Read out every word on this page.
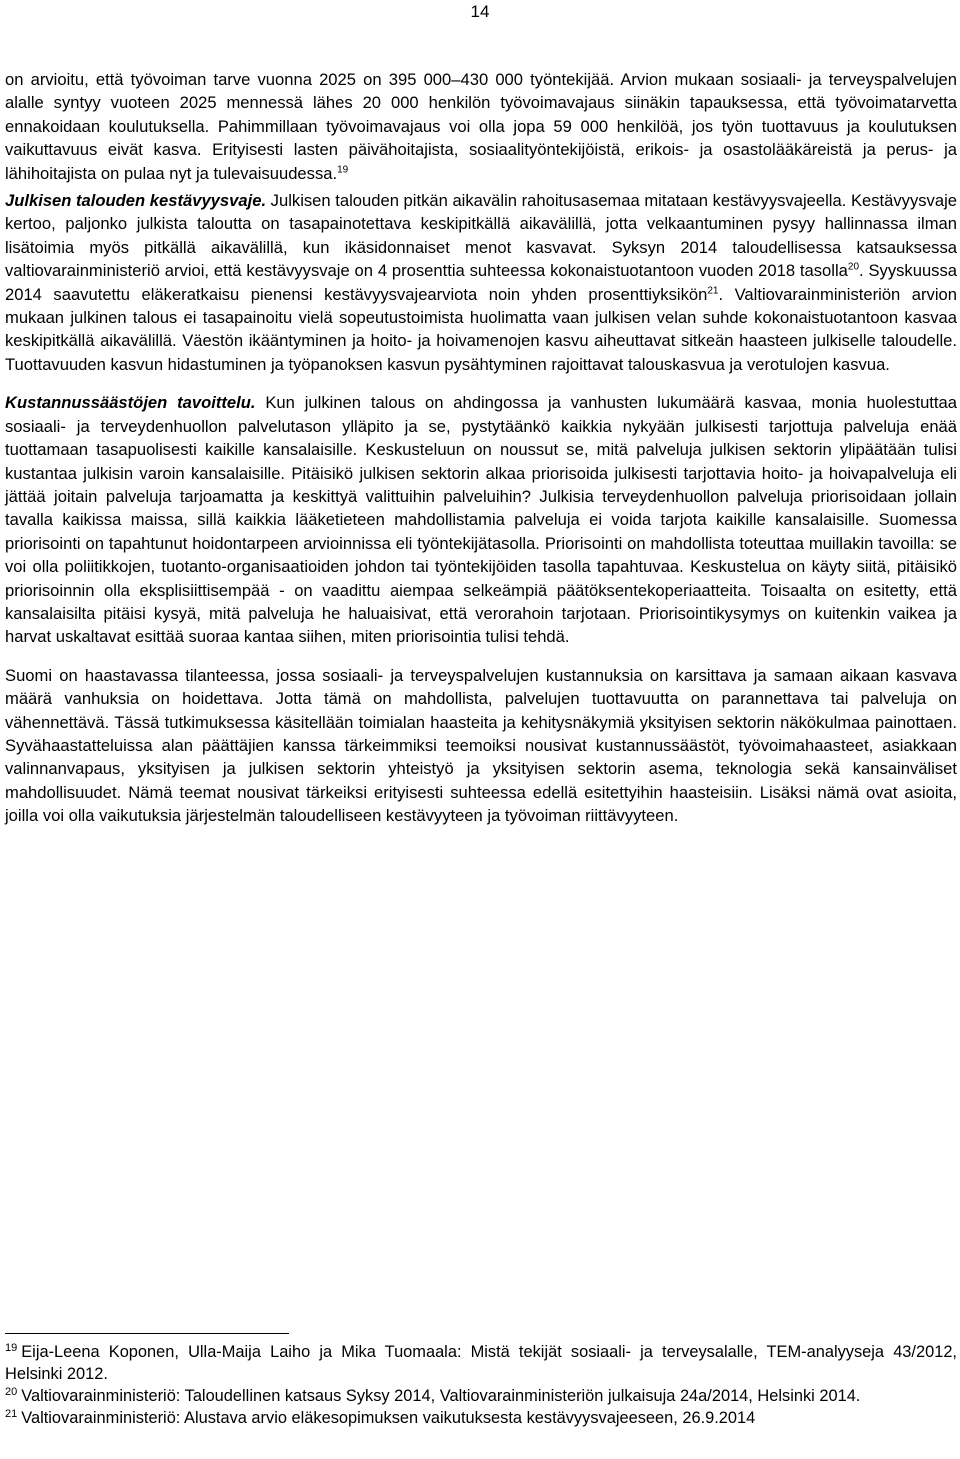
14

on arvioitu, että työvoiman tarve vuonna 2025 on 395 000–430 000 työntekijää. Arvion mukaan sosiaali- ja terveyspalvelujen alalle syntyy vuoteen 2025 mennessä lähes 20 000 henkilön työvoimavajaus siinäkin tapauksessa, että työvoimatarvetta ennakoidaan koulutuksella. Pahimmillaan työvoimavajaus voi olla jopa 59 000 henkilöä, jos työn tuottavuus ja koulutuksen vaikuttavuus eivät kasva. Erityisesti lasten päivähoitajista, sosiaalityöntekijöistä, erikois- ja osastolääkäreistä ja perus- ja lähihoitajista on pulaa nyt ja tulevaisuudessa.$^{19}$

Julkisen talouden kestävyysvaje. Julkisen talouden pitkän aikavälin rahoitusasemaa mitataan kestävyysvajeella. Kestävyysvaje kertoo, paljonko julkista taloutta on tasapainotettava keskipitkällä aikavälillä, jotta velkaantuminen pysyy hallinnassa ilman lisätoimia myös pitkällä aikavälillä, kun ikäsidonnaiset menot kasvavat. Syksyn 2014 taloudellisessa katsauksessa valtiovarainministeriö arvioi, että kestävyysvaje on 4 prosenttia suhteessa kokonaistuotantoon vuoden 2018 tasolla$^{20}$. Syyskuussa 2014 saavutettu eläkeratkaisu pienensi kestävyysvajearviota noin yhden prosenttiyksikön$^{21}$. Valtiovarainministeriön arvion mukaan julkinen talous ei tasapainoitu vielä sopeutustoimista huolimatta vaan julkisen velan suhde kokonaistuotantoon kasvaa keskipitkällä aikavälillä. Väestön ikääntyminen ja hoito- ja hoivamenojen kasvu aiheuttavat sitkeän haasteen julkiselle taloudelle. Tuottavuuden kasvun hidastuminen ja työpanoksen kasvun pysähtyminen rajoittavat talouskasvua ja verotulojen kasvua.

Kustannussäästöjen tavoittelu. Kun julkinen talous on ahdingossa ja vanhusten lukumäärä kasvaa, monia huolestuttaa sosiaali- ja terveydenhuollon palvelutason ylläpito ja se, pystytäänkö kaikkia nykyään julkisesti tarjottuja palveluja enää tuottamaan tasapuolisesti kaikille kansalaisille. Keskusteluun on noussut se, mitä palveluja julkisen sektorin ylipäätään tulisi kustantaa julkisin varoin kansalaisille. Pitäisikö julkisen sektorin alkaa priorisoida julkisesti tarjottavia hoito- ja hoivapalveluja eli jättää joitain palveluja tarjoamatta ja keskittyä valittuihin palveluihin? Julkisia terveydenhuollon palveluja priorisoidaan jollain tavalla kaikissa maissa, sillä kaikkia lääketieteen mahdollistamia palveluja ei voida tarjota kaikille kansalaisille. Suomessa priorisointi on tapahtunut hoidontarpeen arvioinnissa eli työntekijätasolla. Priorisointi on mahdollista toteuttaa muillakin tavoilla: se voi olla poliitikkojen, tuotanto-organisaatioiden johdon tai työntekijöiden tasolla tapahtuvaa. Keskustelua on käyty siitä, pitäisikö priorisoinnin olla eksplisiittisempää - on vaadittu aiempaa selkeämpiä päätöksentekoperiaatteita. Toisaalta on esitetty, että kansalaisilta pitäisi kysyä, mitä palveluja he haluaisivat, että verorahoin tarjotaan. Priorisointikysymys on kuitenkin vaikea ja harvat uskaltavat esittää suoraa kantaa siihen, miten priorisointia tulisi tehdä.

Suomi on haastavassa tilanteessa, jossa sosiaali- ja terveyspalvelujen kustannuksia on karsittava ja samaan aikaan kasvava määrä vanhuksia on hoidettava. Jotta tämä on mahdollista, palvelujen tuottavuutta on parannettava tai palveluja on vähennettävä. Tässä tutkimuksessa käsitellään toimialan haasteita ja kehitysnäkymiä yksityisen sektorin näkökulmaa painottaen. Syvähaastatteluissa alan päättäjien kanssa tärkeimmiksi teemoiksi nousivat kustannussäästöt, työvoimahaasteet, asiakkaan valinnanvapaus, yksityisen ja julkisen sektorin yhteistyö ja yksityisen sektorin asema, teknologia sekä kansainväliset mahdollisuudet. Nämä teemat nousivat tärkeiksi erityisesti suhteessa edellä esitettyihin haasteisiin. Lisäksi nämä ovat asioita, joilla voi olla vaikutuksia järjestelmän taloudelliseen kestävyyteen ja työvoiman riittävyyteen.

$^{19}$ Eija-Leena Koponen, Ulla-Maija Laiho ja Mika Tuomaala: Mistä tekijät sosiaali- ja terveysalalle, TEM-analyyseja 43/2012, Helsinki 2012.

$^{20}$ Valtiovarainministeriö: Taloudellinen katsaus Syksy 2014, Valtiovarainministeriön julkaisuja 24a/2014, Helsinki 2014.

$^{21}$ Valtiovarainministeriö: Alustava arvio eläkesopimuksen vaikutuksesta kestävyysvajeeseen, 26.9.2014
